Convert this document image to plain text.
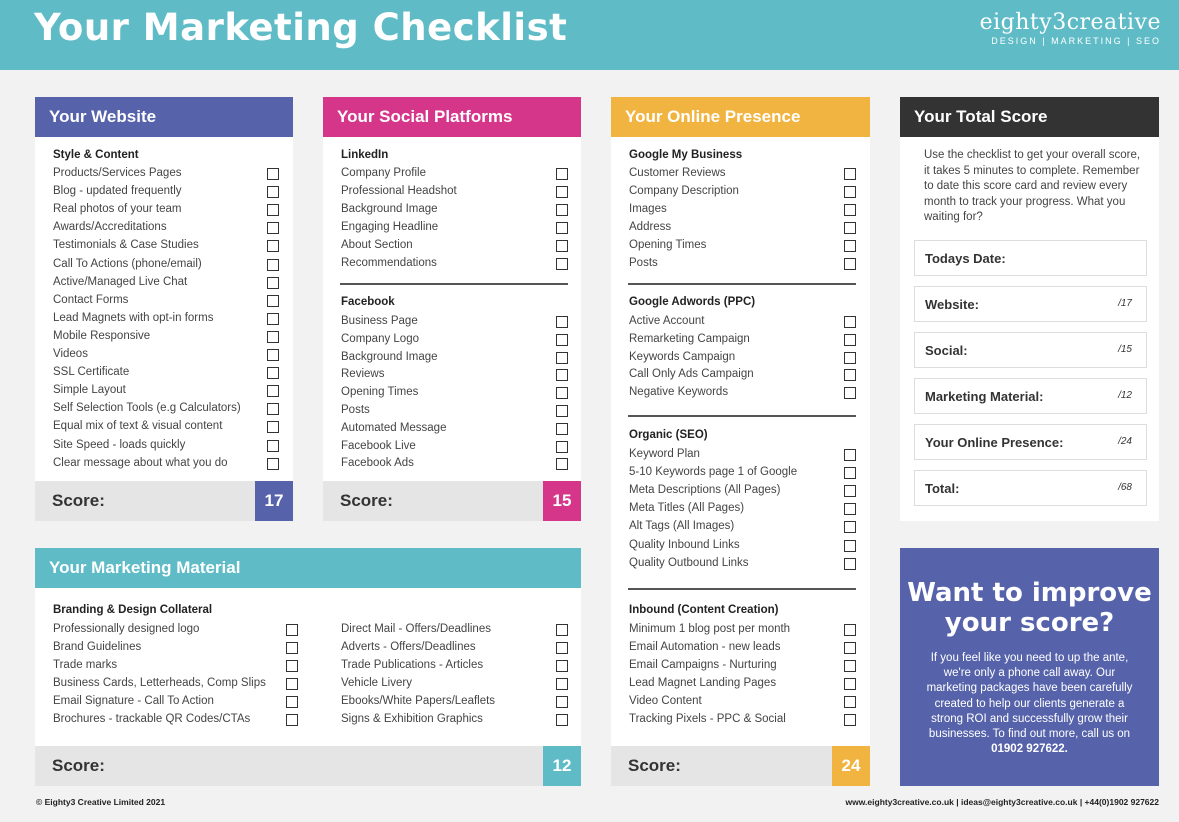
Your Marketing Checklist	eighty3creative
DESIGN | MARKETING | SEO
Your Website
Style & Content
Products/Services Pages
Blog - updated frequently
Real photos of your team
Awards/Accreditations
Testimonials & Case Studies
Call To Actions (phone/email)
Active/Managed Live Chat
Contact Forms
Lead Magnets with opt-in forms
Mobile Responsive
Videos
SSL Certificate
Simple Layout
Self Selection Tools (e.g Calculators)
Equal mix of text & visual content
Site Speed - loads quickly
Clear message about what you do
Score:	17
Your Social Platforms
LinkedIn
Company Profile
Professional Headshot
Background Image
Engaging Headline
About Section
Recommendations
Facebook
Business Page
Company Logo
Background Image
Reviews
Opening Times
Posts
Automated Message
Facebook Live
Facebook Ads
Score:	15
Your Online Presence
Google My Business
Customer Reviews
Company Description
Images
Address
Opening Times
Posts
Google Adwords (PPC)
Active Account
Remarketing Campaign
Keywords Campaign
Call Only Ads Campaign
Negative Keywords
Organic (SEO)
Keyword Plan
5-10 Keywords page 1 of Google
Meta Descriptions (All Pages)
Meta Titles (All Pages)
Alt Tags (All Images)
Quality Inbound Links
Quality Outbound Links
Inbound (Content Creation)
Minimum 1 blog post per month
Email Automation - new leads
Email Campaigns - Nurturing
Lead Magnet Landing Pages
Video Content
Tracking Pixels - PPC & Social
Score:	24
Your Total Score
Use the checklist to get your overall score, it takes 5 minutes to complete. Remember to date this score card and review every month to track your progress. What you waiting for?
Todays Date:
Website:	/17
Social:	/15
Marketing Material:	/12
Your Online Presence:	/24
Total:	/68
Your Marketing Material
Branding & Design Collateral
Professionally designed logo
Brand Guidelines
Trade marks
Business Cards, Letterheads, Comp Slips
Email Signature - Call To Action
Brochures - trackable QR Codes/CTAs
Direct Mail - Offers/Deadlines
Adverts - Offers/Deadlines
Trade Publications - Articles
Vehicle Livery
Ebooks/White Papers/Leaflets
Signs & Exhibition Graphics
Score:	12
Want to improve your score?
If you feel like you need to up the ante, we're only a phone call away. Our marketing packages have been carefully created to help our clients generate a strong ROI and successfully grow their businesses. To find out more, call us on 01902 927622.
© Eighty3 Creative Limited 2021	www.eighty3creative.co.uk | ideas@eighty3creative.co.uk | +44(0)1902 927622
